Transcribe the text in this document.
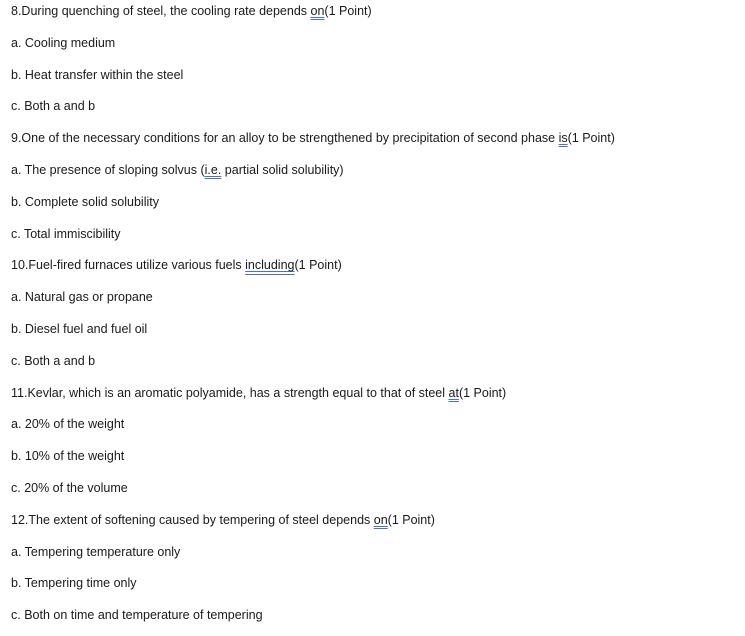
8.During quenching of steel, the cooling rate depends on(1 Point)
a. Cooling medium
b. Heat transfer within the steel
c. Both a and b
9.One of the necessary conditions for an alloy to be strengthened by precipitation of second phase is(1 Point)
a. The presence of sloping solvus (i.e. partial solid solubility)
b. Complete solid solubility
c. Total immiscibility
10.Fuel-fired furnaces utilize various fuels including(1 Point)
a. Natural gas or propane
b. Diesel fuel and fuel oil
c. Both a and b
11.Kevlar, which is an aromatic polyamide, has a strength equal to that of steel at(1 Point)
a. 20% of the weight
b. 10% of the weight
c. 20% of the volume
12.The extent of softening caused by tempering of steel depends on(1 Point)
a. Tempering temperature only
b. Tempering time only
c. Both on time and temperature of tempering
